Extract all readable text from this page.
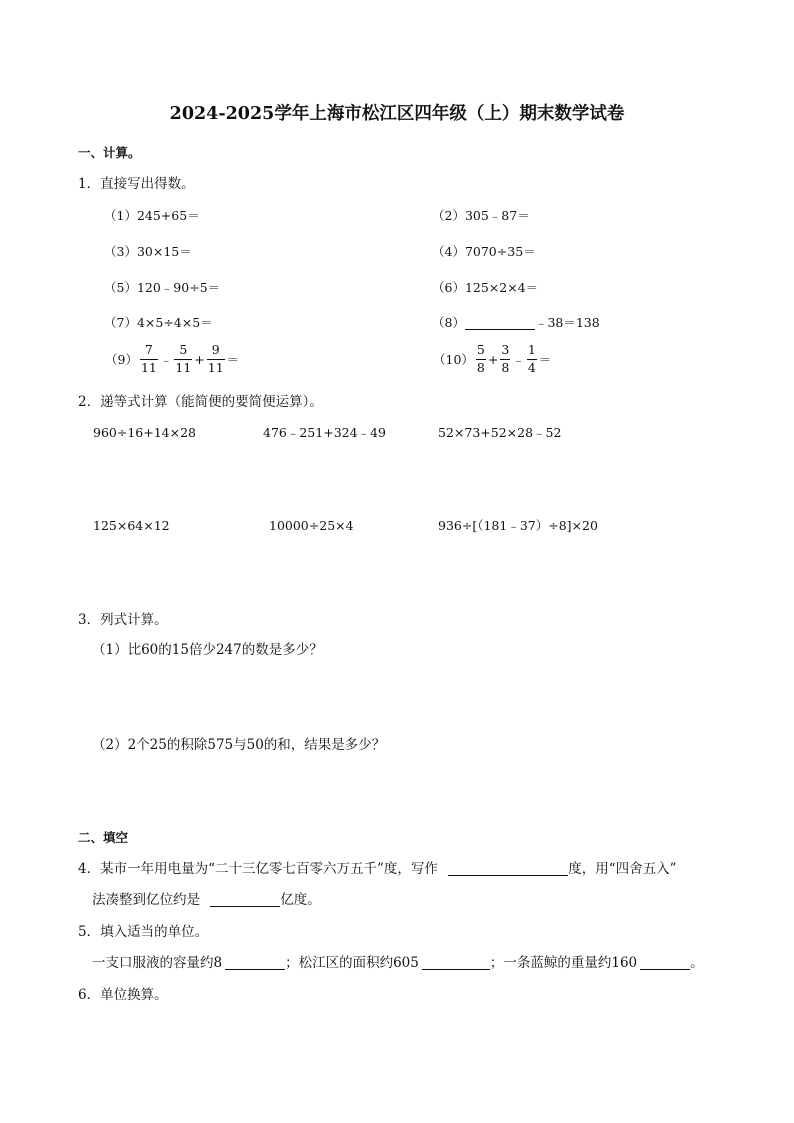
2024-2025学年上海市松江区四年级（上）期末数学试卷
一、计算。
1．直接写出得数。
（1）245+65＝	（2）305﹣87＝
（3）30×15＝	（4）7070÷35＝
（5）120﹣90÷5＝	（6）125×2×4＝
（7）4×5÷4×5＝	（8）	﹣38＝138
$(9) \frac{7}{11}$ ﹣ $\frac{5}{11} + \frac{9}{11}$ ＝	$(10) \frac{5}{8} + \frac{3}{8}$ ﹣ $\frac{1}{4}$ ＝
2．递等式计算（能简便的要简便运算）。
960÷16+14×28	476﹣251+324﹣49	52×73+52×28﹣52
125×64×12	10000÷25×4	936÷[（181﹣37）÷8]×20
3．列式计算。
（1）比60的15倍少247的数是多少？
（2）2个25的积除575与50的和，结果是多少？
二、填空
4．某市一年用电量为“二十三亿零七百零六万五千”度，写作	度，用“四舍五入”
法凑整到亿位约是	亿度。
5．填入适当的单位。
一支口服液的容量约8	；松江区的面积约605	；一条蓝鲸的重量约160	。
6．单位换算。
